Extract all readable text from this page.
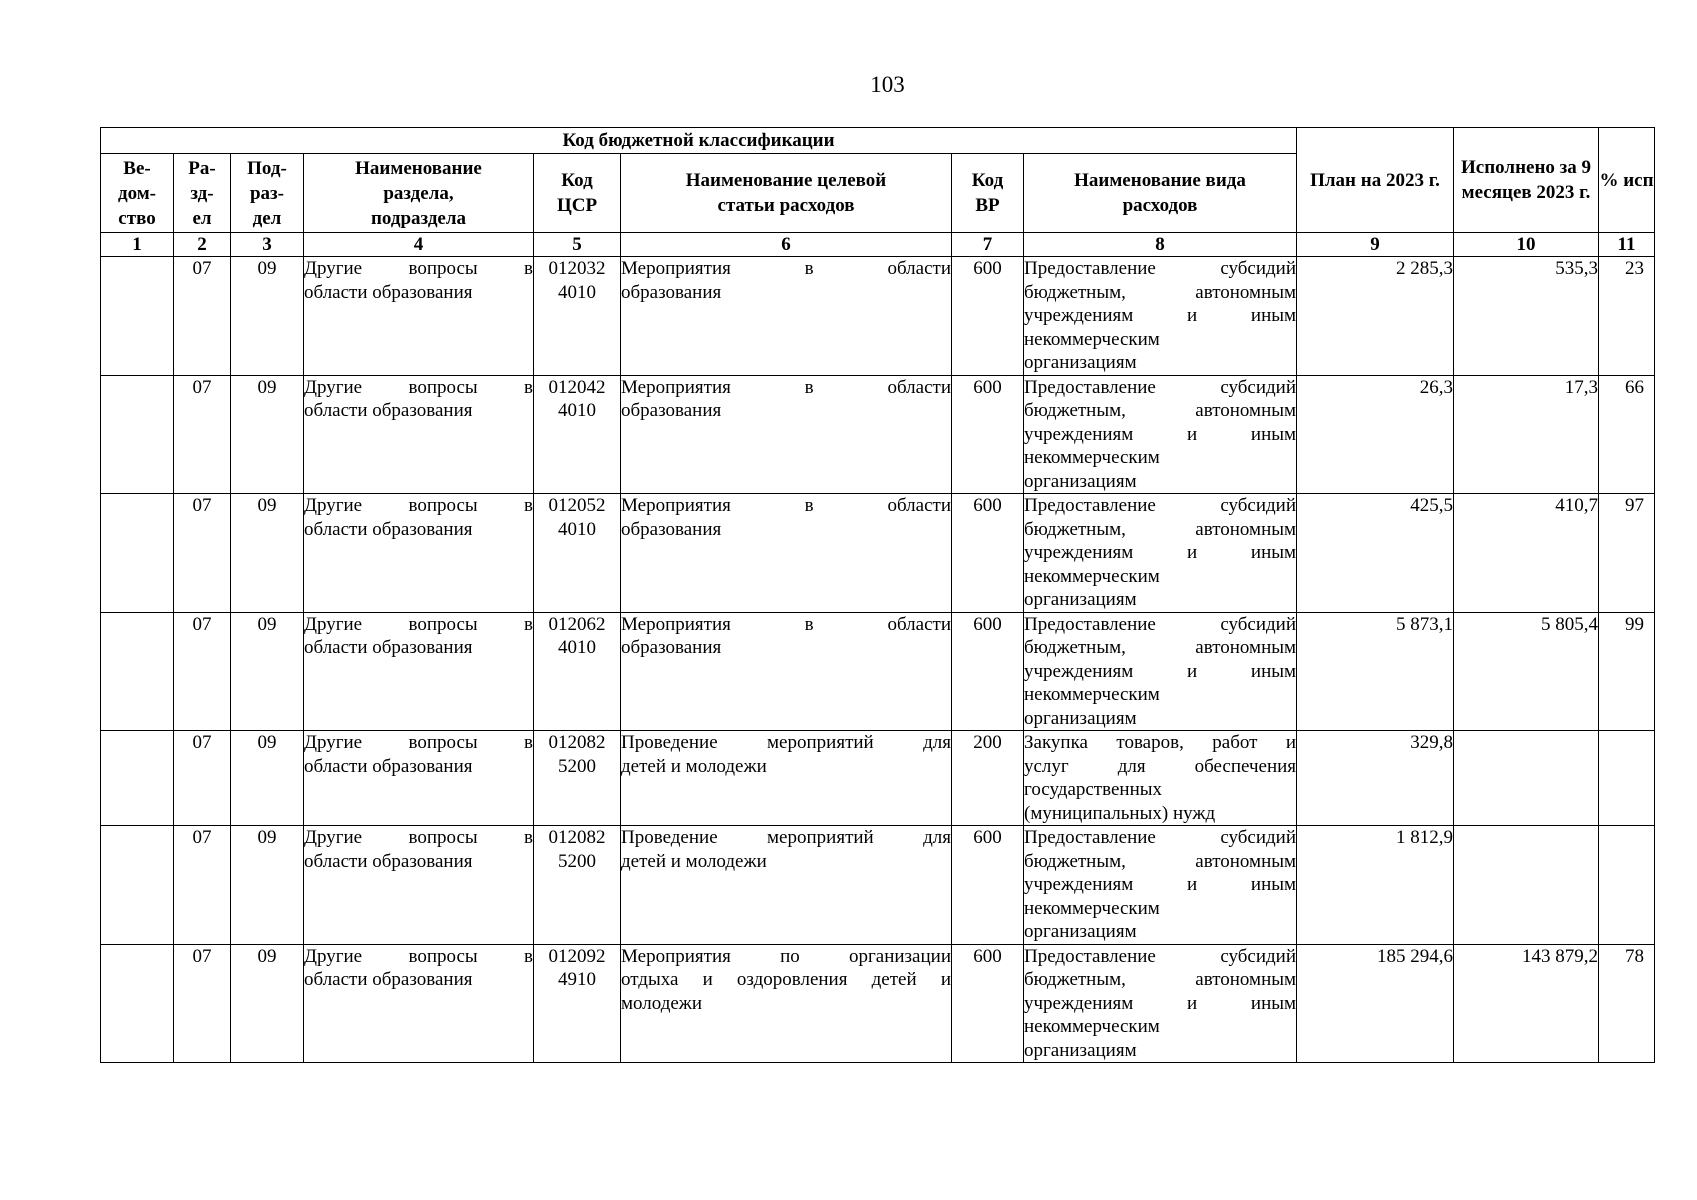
103
Код бюджетной классификации								План на 2023 г.	Исполнено за 9 месяцев 2023 г.	% исп
Ве-
дом-
ство	Ра-
зд-
ел	Под-
раз-
дел	Наименование раздела, подраздела	Код ЦСР	Наименование целевой статьи расходов	Код ВР	Наименование вида расходов			
1	2	3	4	5	6	7	8	9	10	11
	07	09	Другие вопросы в
области образования	012032
4010	Мероприятия в области
образования	600	Предоставление субсидий
бюджетным, автономным
учреждениям и иным
некоммерческим
организациям	2 285,3	535,3	23
	07	09	Другие вопросы в
области образования	012042
4010	Мероприятия в области
образования	600	Предоставление субсидий
бюджетным, автономным
учреждениям и иным
некоммерческим
организациям	26,3	17,3	66
	07	09	Другие вопросы в
области образования	012052
4010	Мероприятия в области
образования	600	Предоставление субсидий
бюджетным, автономным
учреждениям и иным
некоммерческим
организациям	425,5	410,7	97
	07	09	Другие вопросы в
области образования	012062
4010	Мероприятия в области
образования	600	Предоставление субсидий
бюджетным, автономным
учреждениям и иным
некоммерческим
организациям	5 873,1	5 805,4	99
	07	09	Другие вопросы в
области образования	012082
5200	Проведение мероприятий для
детей и молодежи	200	Закупка товаров, работ и
услуг для обеспечения
государственных
(муниципальных) нужд	329,8		
	07	09	Другие вопросы в
области образования	012082
5200	Проведение мероприятий для
детей и молодежи	600	Предоставление субсидий
бюджетным, автономным
учреждениям и иным
некоммерческим
организациям	1 812,9		
	07	09	Другие вопросы в
области образования	012092
4910	Мероприятия по организации
отдыха и оздоровления детей и
молодежи	600	Предоставление субсидий
бюджетным, автономным
учреждениям и иным
некоммерческим
организациям	185 294,6	143 879,2	78
